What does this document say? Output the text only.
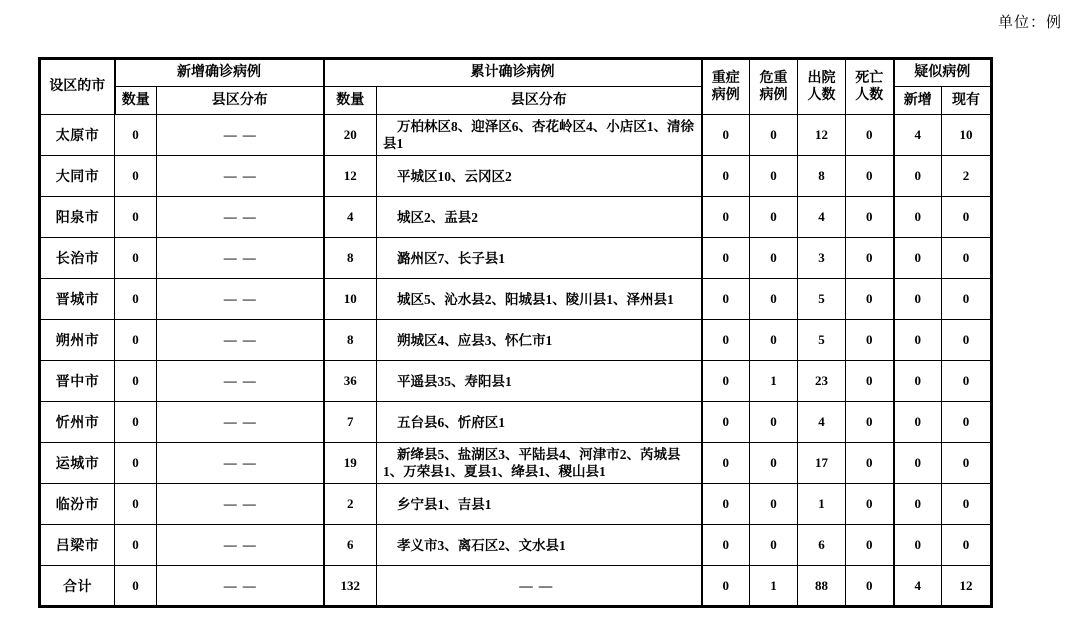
单位：例
设区的市	新增确诊病例		累计确诊病例		重症病例	危重病例	出院人数	死亡人数	疑似病例	
	数量	县区分布	数量	县区分布					新增	现有
太原市	0	——	20	万柏林区8、迎泽区6、杏花岭区4、小店区1、清徐县1	0	0	12	0	4	10
大同市	0	——	12	平城区10、云冈区2	0	0	8	0	0	2
阳泉市	0	——	4	城区2、盂县2	0	0	4	0	0	0
长治市	0	——	8	潞州区7、长子县1	0	0	3	0	0	0
晋城市	0	——	10	城区5、沁水县2、阳城县1、陵川县1、泽州县1	0	0	5	0	0	0
朔州市	0	——	8	朔城区4、应县3、怀仁市1	0	0	5	0	0	0
晋中市	0	——	36	平遥县35、寿阳县1	0	1	23	0	0	0
忻州市	0	——	7	五台县6、忻府区1	0	0	4	0	0	0
运城市	0	——	19	新绛县5、盐湖区3、平陆县4、河津市2、芮城县1、万荣县1、夏县1、绛县1、稷山县1	0	0	17	0	0	0
临汾市	0	——	2	乡宁县1、吉县1	0	0	1	0	0	0
吕梁市	0	——	6	孝义市3、离石区2、文水县1	0	0	6	0	0	0
合计	0	——	132	——	0	1	88	0	4	12
